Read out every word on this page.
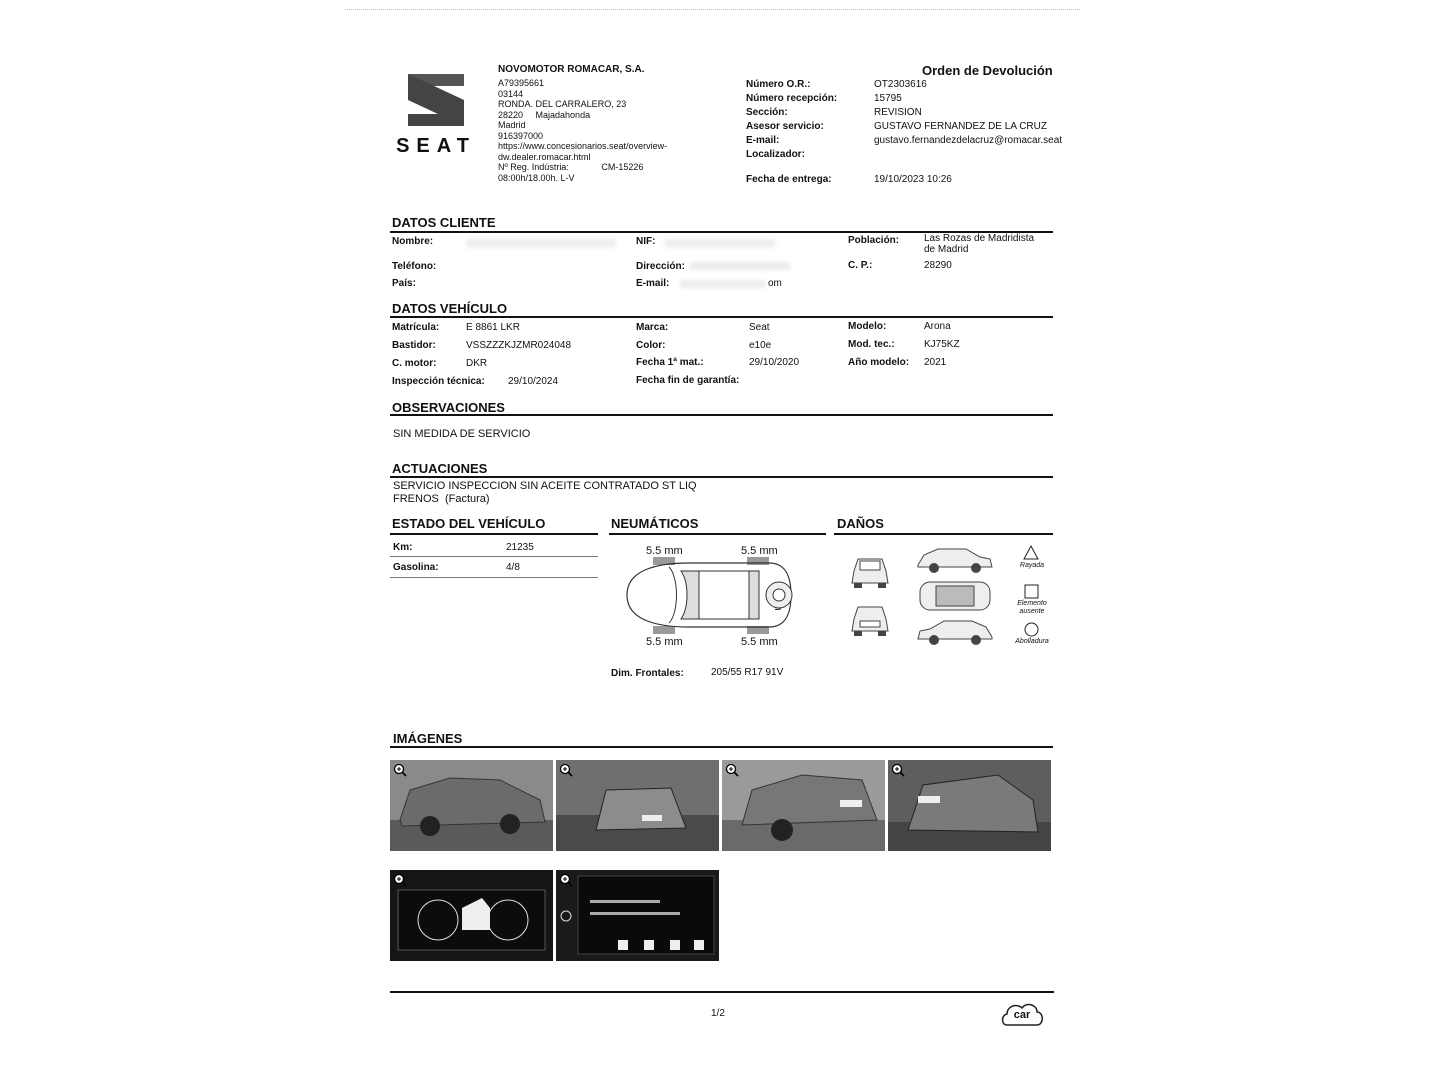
SEAT
NOVOMOTOR ROMACAR, S.A.
A79395661
03144
RONDA. DEL CARRALERO, 23
28220     Majadahonda
Madrid
916397000
https://www.concesionarios.seat/overview-
dw.dealer.romacar.html
Nº Reg. Indústria:	CM-15226
08:00h/18.00h. L-V
Orden de Devolución
Número O.R.:	OT2303616
Número recepción:	15795
Sección:	REVISION
Asesor servicio:	GUSTAVO FERNANDEZ DE LA CRUZ
E-mail:	gustavo.fernandezdelacruz@romacar.seat
Localizador:
Fecha de entrega:	19/10/2023 10:26
DATOS CLIENTE
Nombre:	NIF:	Población: Las Rozas de Madridista
de Madrid
Teléfono:	Dirección:	C. P.:	28290
País:	E-mail:	om
DATOS VEHÍCULO
Matrícula:	E 8861 LKR	Marca:	Seat	Modelo:	Arona
Bastidor:	VSSZZZKJZMR024048	Color:	e10e	Mod. tec.:	KJ75KZ
C. motor:	DKR	Fecha 1ª mat.:	29/10/2020	Año modelo: 2021
Inspección técnica: 29/10/2024	Fecha fin de garantía:
OBSERVACIONES
SIN MEDIDA DE SERVICIO
ACTUACIONES
SERVICIO INSPECCION SIN ACEITE CONTRATADO ST LIQ
FRENOS  (Factura)
ESTADO DEL VEHÍCULO
Km:	21235
Gasolina:	4/8
NEUMÁTICOS
5.5 mm	5.5 mm
5.5 mm	5.5 mm
Dim. Frontales:	205/55 R17 91V
DAÑOS
Rayada
Elemento
ausente
Abolladura
IMÁGENES
1/2	car
